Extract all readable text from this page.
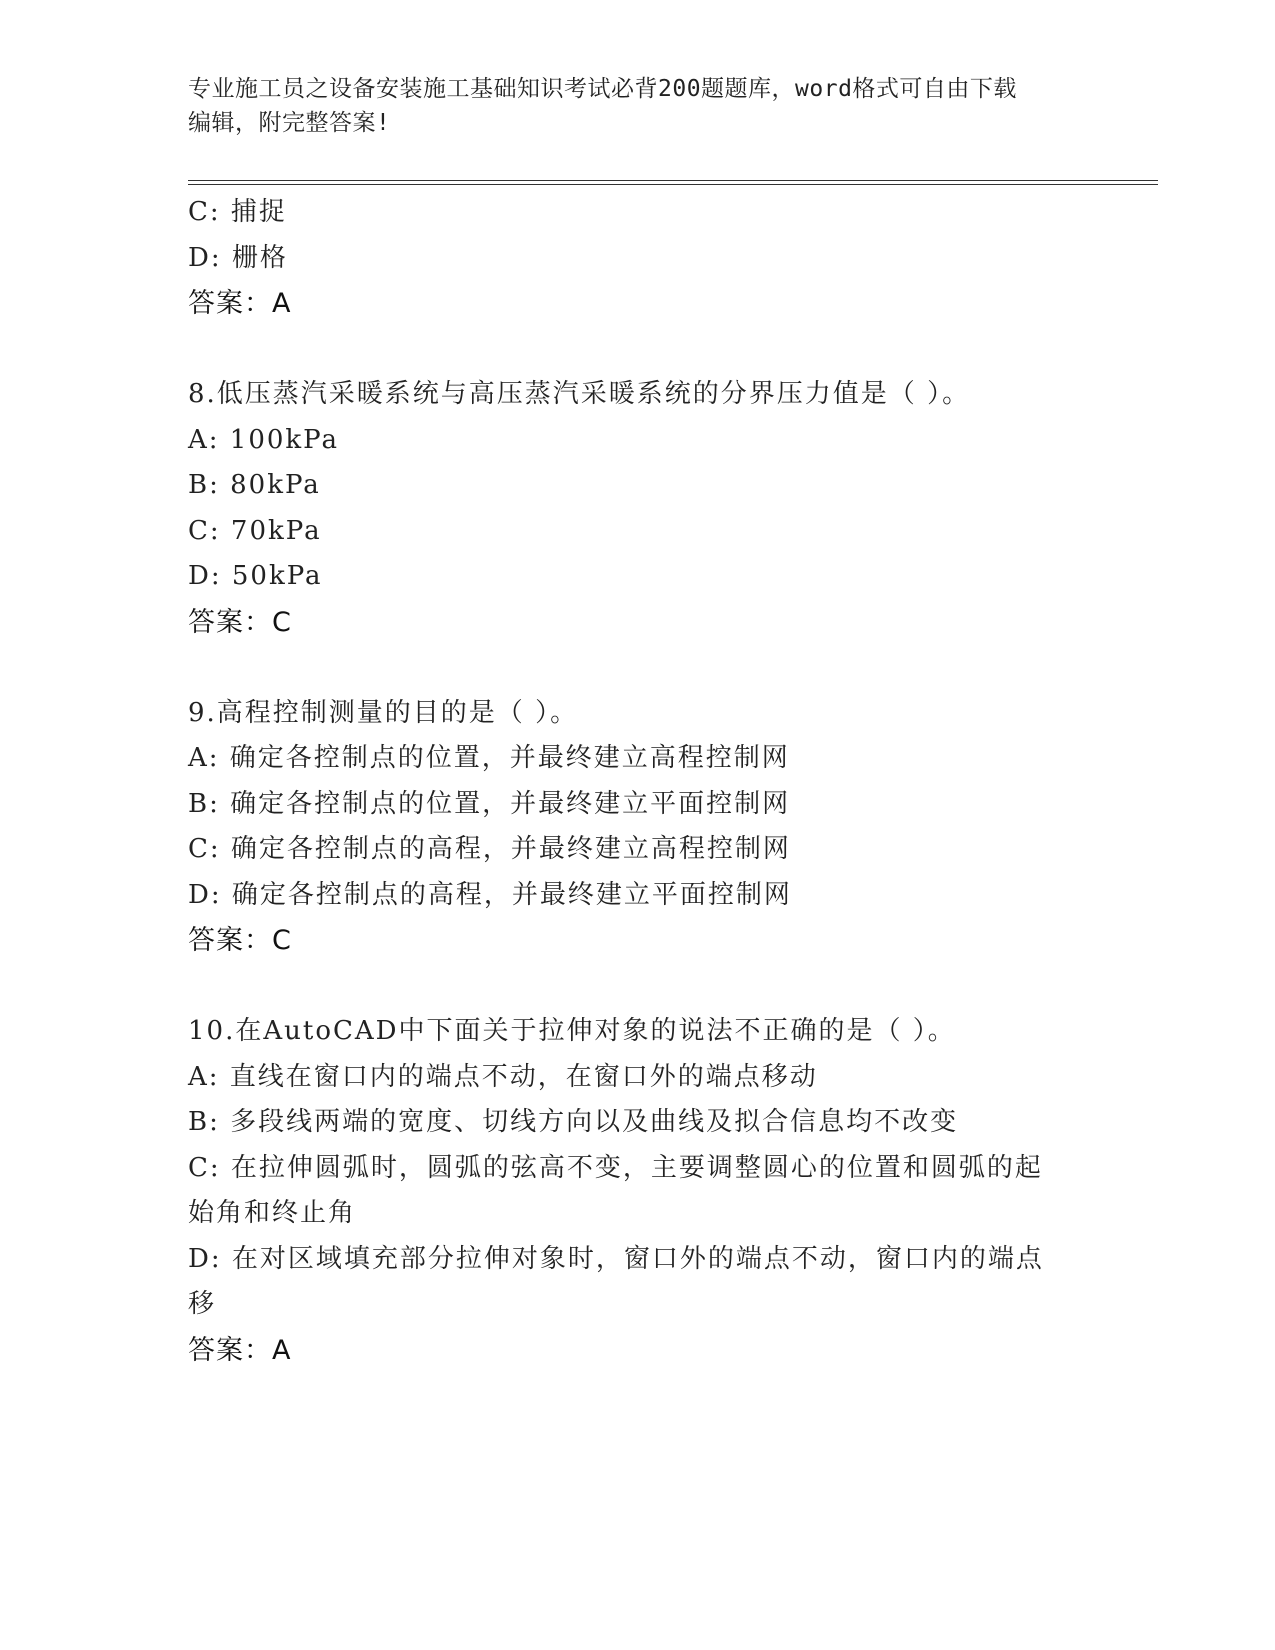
专业施工员之设备安装施工基础知识考试必背200题题库，word格式可自由下载
编辑，附完整答案!
C: 捕捉
D: 栅格
答案：A
8.低压蒸汽采暖系统与高压蒸汽采暖系统的分界压力值是（ ）。
A: 100kPa
B: 80kPa
C: 70kPa
D: 50kPa
答案：C
9.高程控制测量的目的是（ ）。
A: 确定各控制点的位置，并最终建立高程控制网
B: 确定各控制点的位置，并最终建立平面控制网
C: 确定各控制点的高程，并最终建立高程控制网
D: 确定各控制点的高程，并最终建立平面控制网
答案：C
10.在AutoCAD中下面关于拉伸对象的说法不正确的是（ ）。
A: 直线在窗口内的端点不动，在窗口外的端点移动
B: 多段线两端的宽度、切线方向以及曲线及拟合信息均不改变
C: 在拉伸圆弧时，圆弧的弦高不变，主要调整圆心的位置和圆弧的起
始角和终止角
D: 在对区域填充部分拉伸对象时，窗口外的端点不动，窗口内的端点
移
答案：A
